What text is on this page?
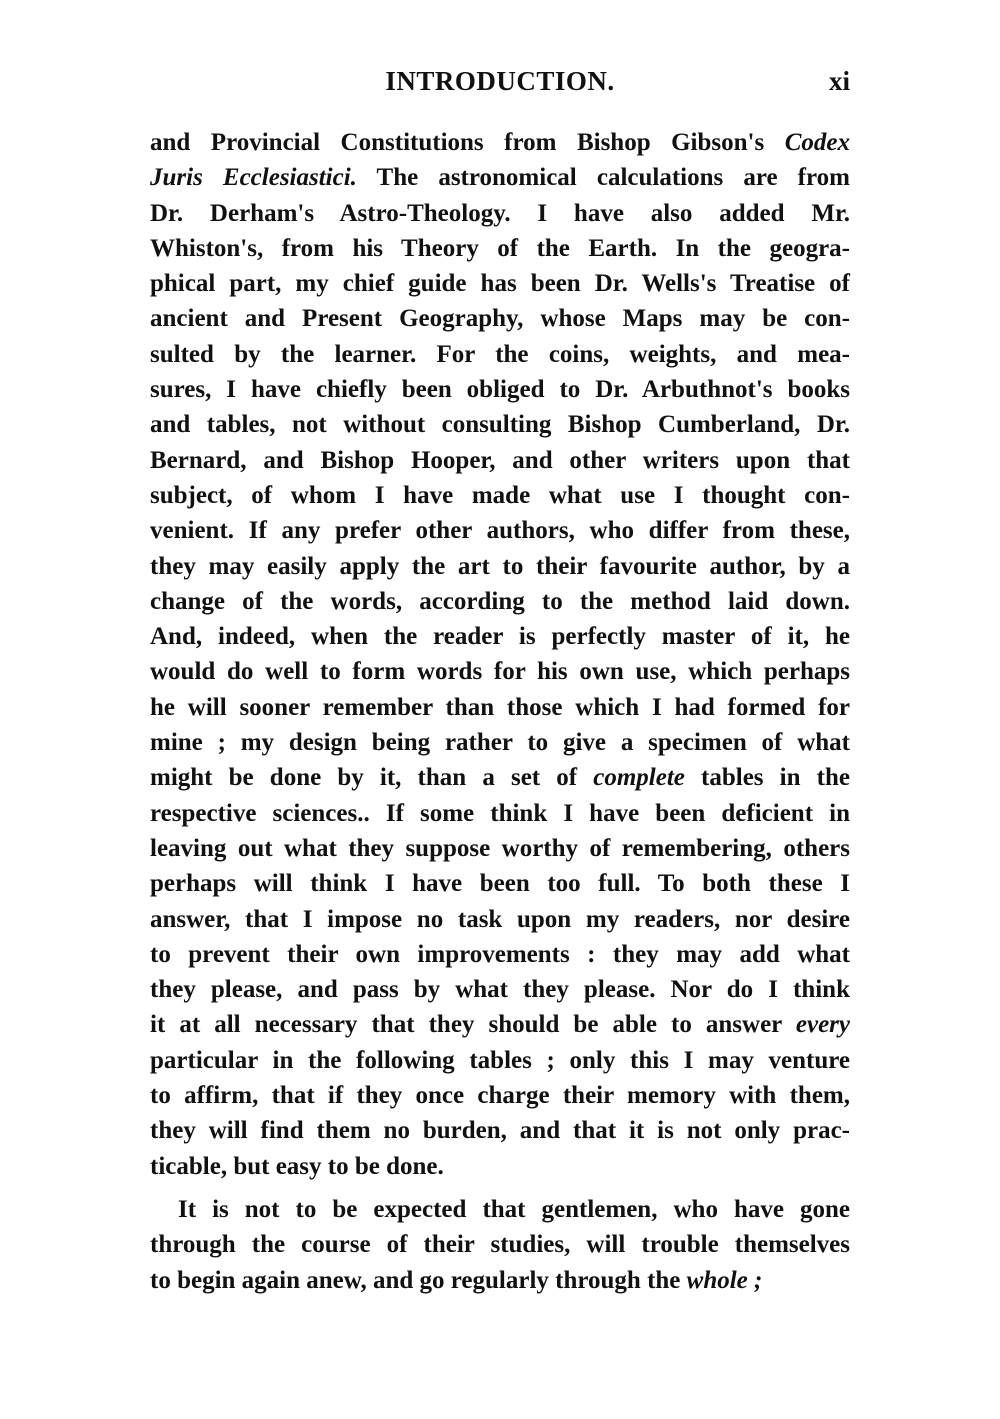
INTRODUCTION.	xi
and Provincial Constitutions from Bishop Gibson's Codex
Juris Ecclesiastici. The astronomical calculations are from
Dr. Derham's Astro-Theology. I have also added Mr.
Whiston's, from his Theory of the Earth. In the geogra-
phical part, my chief guide has been Dr. Wells's Treatise of
ancient and Present Geography, whose Maps may be con-
sulted by the learner. For the coins, weights, and mea-
sures, I have chiefly been obliged to Dr. Arbuthnot's books
and tables, not without consulting Bishop Cumberland, Dr.
Bernard, and Bishop Hooper, and other writers upon that
subject, of whom I have made what use I thought con-
venient. If any prefer other authors, who differ from these,
they may easily apply the art to their favourite author, by a
change of the words, according to the method laid down.
And, indeed, when the reader is perfectly master of it, he
would do well to form words for his own use, which perhaps
he will sooner remember than those which I had formed for
mine ; my design being rather to give a specimen of what
might be done by it, than a set of complete tables in the
respective sciences.. If some think I have been deficient in
leaving out what they suppose worthy of remembering, others
perhaps will think I have been too full. To both these I
answer, that I impose no task upon my readers, nor desire
to prevent their own improvements : they may add what
they please, and pass by what they please. Nor do I think
it at all necessary that they should be able to answer every
particular in the following tables ; only this I may venture
to affirm, that if they once charge their memory with them,
they will find them no burden, and that it is not only prac-
ticable, but easy to be done.
It is not to be expected that gentlemen, who have gone
through the course of their studies, will trouble themselves
to begin again anew, and go regularly through the whole ;
